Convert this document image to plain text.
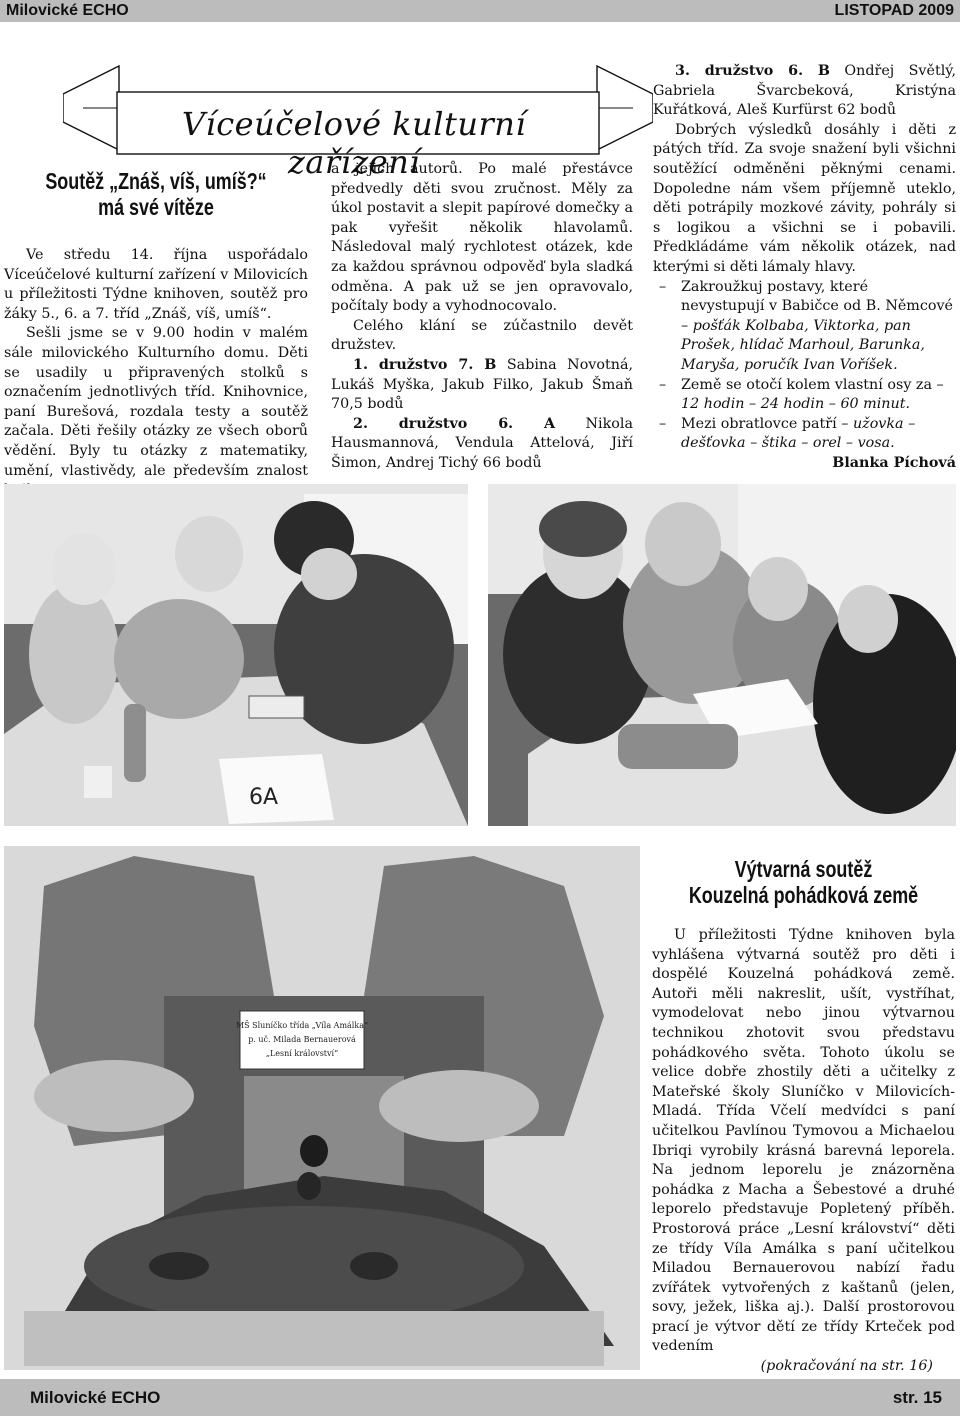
Milovické ECHO	LISTOPAD 2009
Víceúčelové kulturní zařízení
Soutěž „Znáš, víš, umíš?“
má své vítěze

Ve středu 14. října uspořádalo Víceúčelové kulturní zařízení v Milovicích u příležitosti Týdne knihoven, soutěž pro žáky 5., 6. a 7. tříd „Znáš, víš, umíš“.

Sešli jsme se v 9.00 hodin v malém sále milovického Kulturního domu. Děti se usadily u připravených stolků s označením jednotlivých tříd. Knihovnice, paní Burešová, rozdala testy a soutěž začala. Děti řešily otázky ze všech oborů vědění. Byly tu otázky z matematiky, umění, vlastivědy, ale především znalost

a jejich autorů. Po malé přestávce předvedly děti svou zručnost. Měly za úkol postavit a slepit papírové domečky a pak vyřešit několik hlavolamů. Následoval malý rychlotest otázek, kde za každou správnou odpověď byla sladká odměna. A pak už se jen opravovalo, počítaly body a vyhodnocovalo.

Celého klání se zúčastnilo devět družstev.

1. družstvo 7. B Sabina Novotná, Lukáš Myška, Jakub Filko, Jakub Šmaň 70,5 bodů

2. družstvo 6. A Nikola Hausmannová, Vendula Attelová, Jiří Šimon, Andrej Tichý 66 bodů

3. družstvo 6. B Ondřej Světlý, Gabriela Švarcbeková, Kristýna Kuřátková, Aleš Kurfürst 62 bodů

Dobrých výsledků dosáhly i děti z pátých tříd. Za svoje snažení byli všichni soutěžící odměněni pěknými cenami. Dopoledne nám všem příjemně uteklo, děti potrápily mozkové závity, pohrály si s logikou a všichni se i pobavili. Předkládáme vám několik otázek, nad kterými si děti lámaly hlavy.

–	Zakroužkuj postavy, které nevystupují v Babičce od B. Němcové – pošťák Kolbaba, Viktorka, pan Prošek, hlídač Marhoul, Barunka, Maryša, poručík Ivan Voříšek.
–	Země se otočí kolem vlastní osy za – 12 hodin – 24 hodin – 60 minut.
–	Mezi obratlovce patří – užovka – dešťovka – štika – orel – vosa.
Blanka Píchová
6A
MŠ Sluníčko třída „Víla Amálka“
p. uč. Milada Bernauerová
„Lesní království“
Výtvarná soutěž
Kouzelná pohádková země

U příležitosti Týdne knihoven byla vyhlášena výtvarná soutěž pro děti i dospělé Kouzelná pohádková země. Autoři měli nakreslit, ušít, vystříhat, vymodelovat nebo jinou výtvarnou technikou zhotovit svou představu pohádkového světa. Tohoto úkolu se velice dobře zhostily děti a učitelky z Mateřské školy Sluníčko v Milovicích-Mladá. Třída Včelí medvídci s paní učitelkou Pavlínou Tymovou a Michaelou Ibriqi vyrobily krásná barevná leporela. Na jednom leporelu je znázorněna pohádka z Macha a Šebestové a druhé leporelo představuje Popletený příběh. Prostorová práce „Lesní království“ děti ze třídy Víla Amálka s paní učitelkou Miladou Bernauerovou nabízí řadu zvířátek vytvořených z kaštanů (jelen, sovy, ježek, liška aj.). Další prostorovou prací je výtvor dětí ze třídy Krteček pod vedením

(pokračování na str. 16)
Milovické ECHO	str. 15
